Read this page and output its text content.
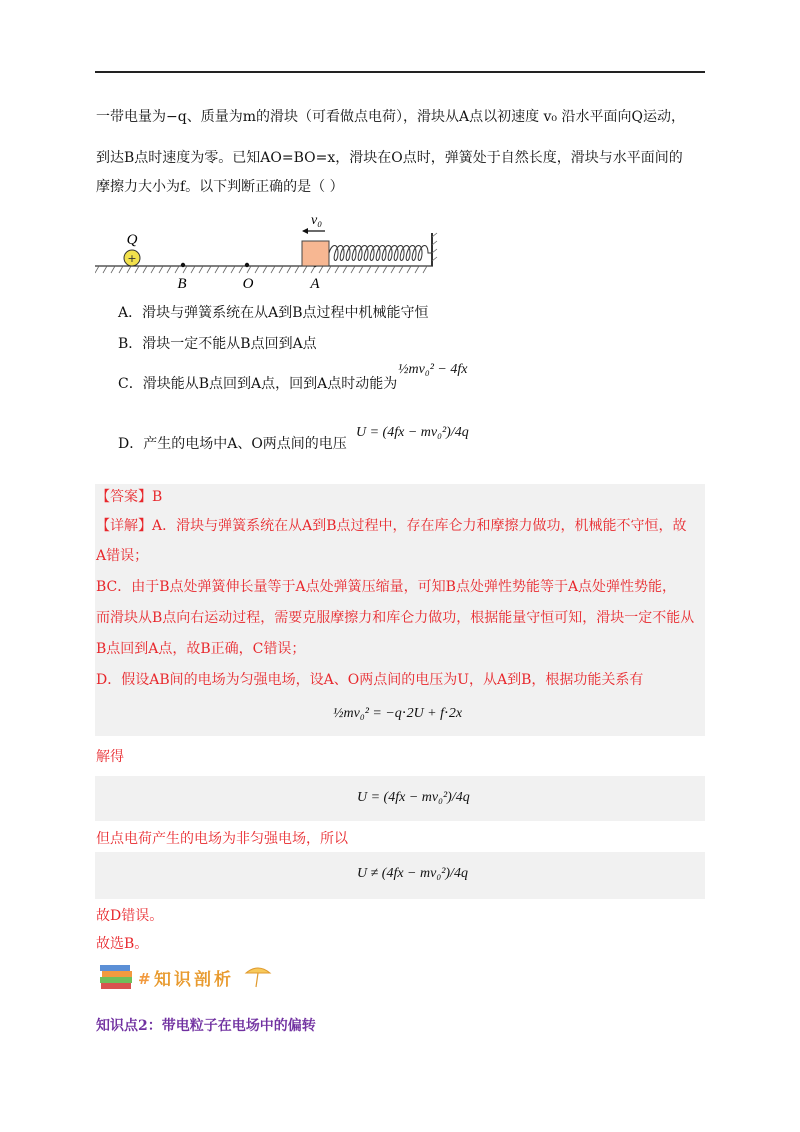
一带电量为−q、质量为m的滑块（可看做点电荷），滑块从A点以初速度 v₀ 沿水平面向Q运动，
到达B点时速度为零。已知AO=BO=x，滑块在O点时，弹簧处于自然长度，滑块与水平面间的
摩擦力大小为f。以下判断正确的是（ ）
+
Q
B	O	A
v₀
A．滑块与弹簧系统在从A到B点过程中机械能守恒
B．滑块一定不能从B点回到A点
C．滑块能从B点回到A点，回到A点时动能为
½mv₀² − 4fx
D．产生的电场中A、O两点间的电压
U = (4fx − mv₀²)/4q
【答案】B
【详解】A．滑块与弹簧系统在从A到B点过程中，存在库仑力和摩擦力做功，机械能不守恒，故
A错误；
BC．由于B点处弹簧伸长量等于A点处弹簧压缩量，可知B点处弹性势能等于A点处弹性势能，
而滑块从B点向右运动过程，需要克服摩擦力和库仑力做功，根据能量守恒可知，滑块一定不能从
B点回到A点，故B正确，C错误；
D．假设AB间的电场为匀强电场，设A、O两点间的电压为U，从A到B，根据功能关系有
½mv₀² = −q⋅2U + f⋅2x
解得
U = (4fx − mv₀²)/4q
但点电荷产生的电场为非匀强电场，所以
U ≠ (4fx − mv₀²)/4q
故D错误。
故选B。
# 知识剖析
知识点2：带电粒子在电场中的偏转
